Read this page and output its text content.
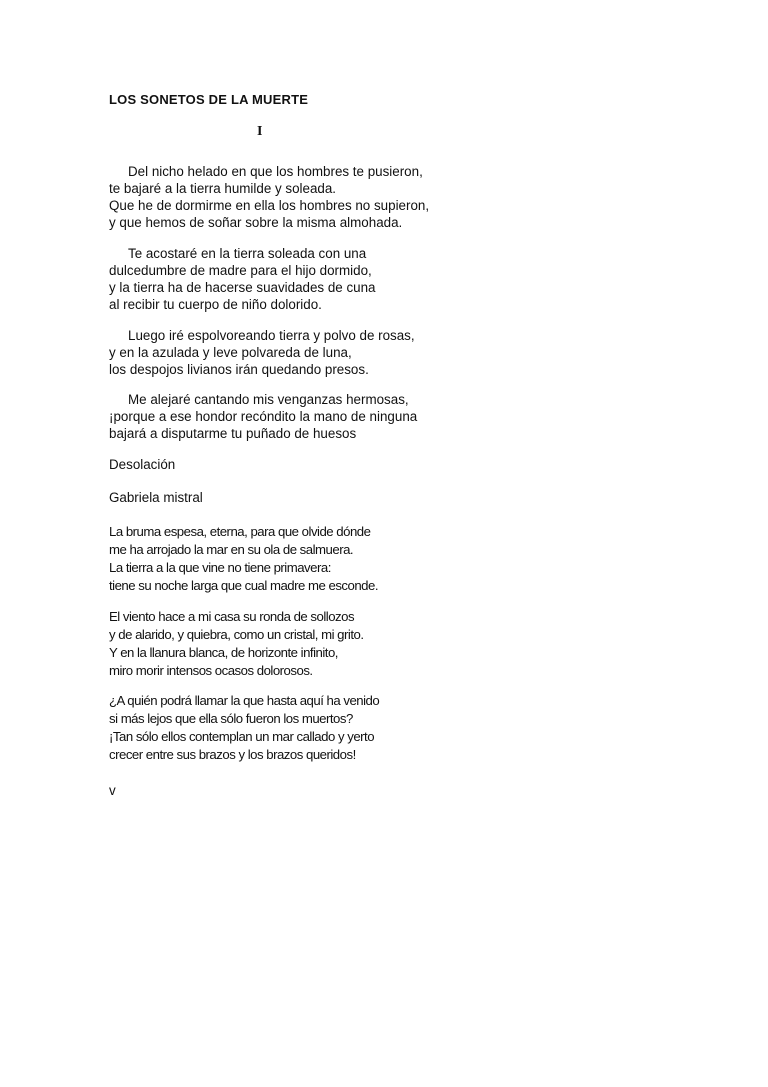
LOS SONETOS DE LA MUERTE
I
Del nicho helado en que los hombres te pusieron,
te bajaré a la tierra humilde y soleada.
Que he de dormirme en ella los hombres no supieron,
y que hemos de soñar sobre la misma almohada.
Te acostaré en la tierra soleada con una
dulcedumbre de madre para el hijo dormido,
y la tierra ha de hacerse suavidades de cuna
al recibir tu cuerpo de niño dolorido.
Luego iré espolvoreando tierra y polvo de rosas,
y en la azulada y leve polvareda de luna,
los despojos livianos irán quedando presos.
Me alejaré cantando mis venganzas hermosas,
¡porque a ese hondor recóndito la mano de ninguna
bajará a disputarme tu puñado de huesos
Desolación
Gabriela mistral
La bruma espesa, eterna, para que olvide dónde
me ha arrojado la mar en su ola de salmuera.
La tierra a la que vine no tiene primavera:
tiene su noche larga que cual madre me esconde.
El viento hace a mi casa su ronda de sollozos
y de alarido, y quiebra, como un cristal, mi grito.
Y en la llanura blanca, de horizonte infinito,
miro morir intensos ocasos dolorosos.
¿A quién podrá llamar la que hasta aquí ha venido
si más lejos que ella sólo fueron los muertos?
¡Tan sólo ellos contemplan un mar callado y yerto
crecer entre sus brazos y los brazos queridos!
v
